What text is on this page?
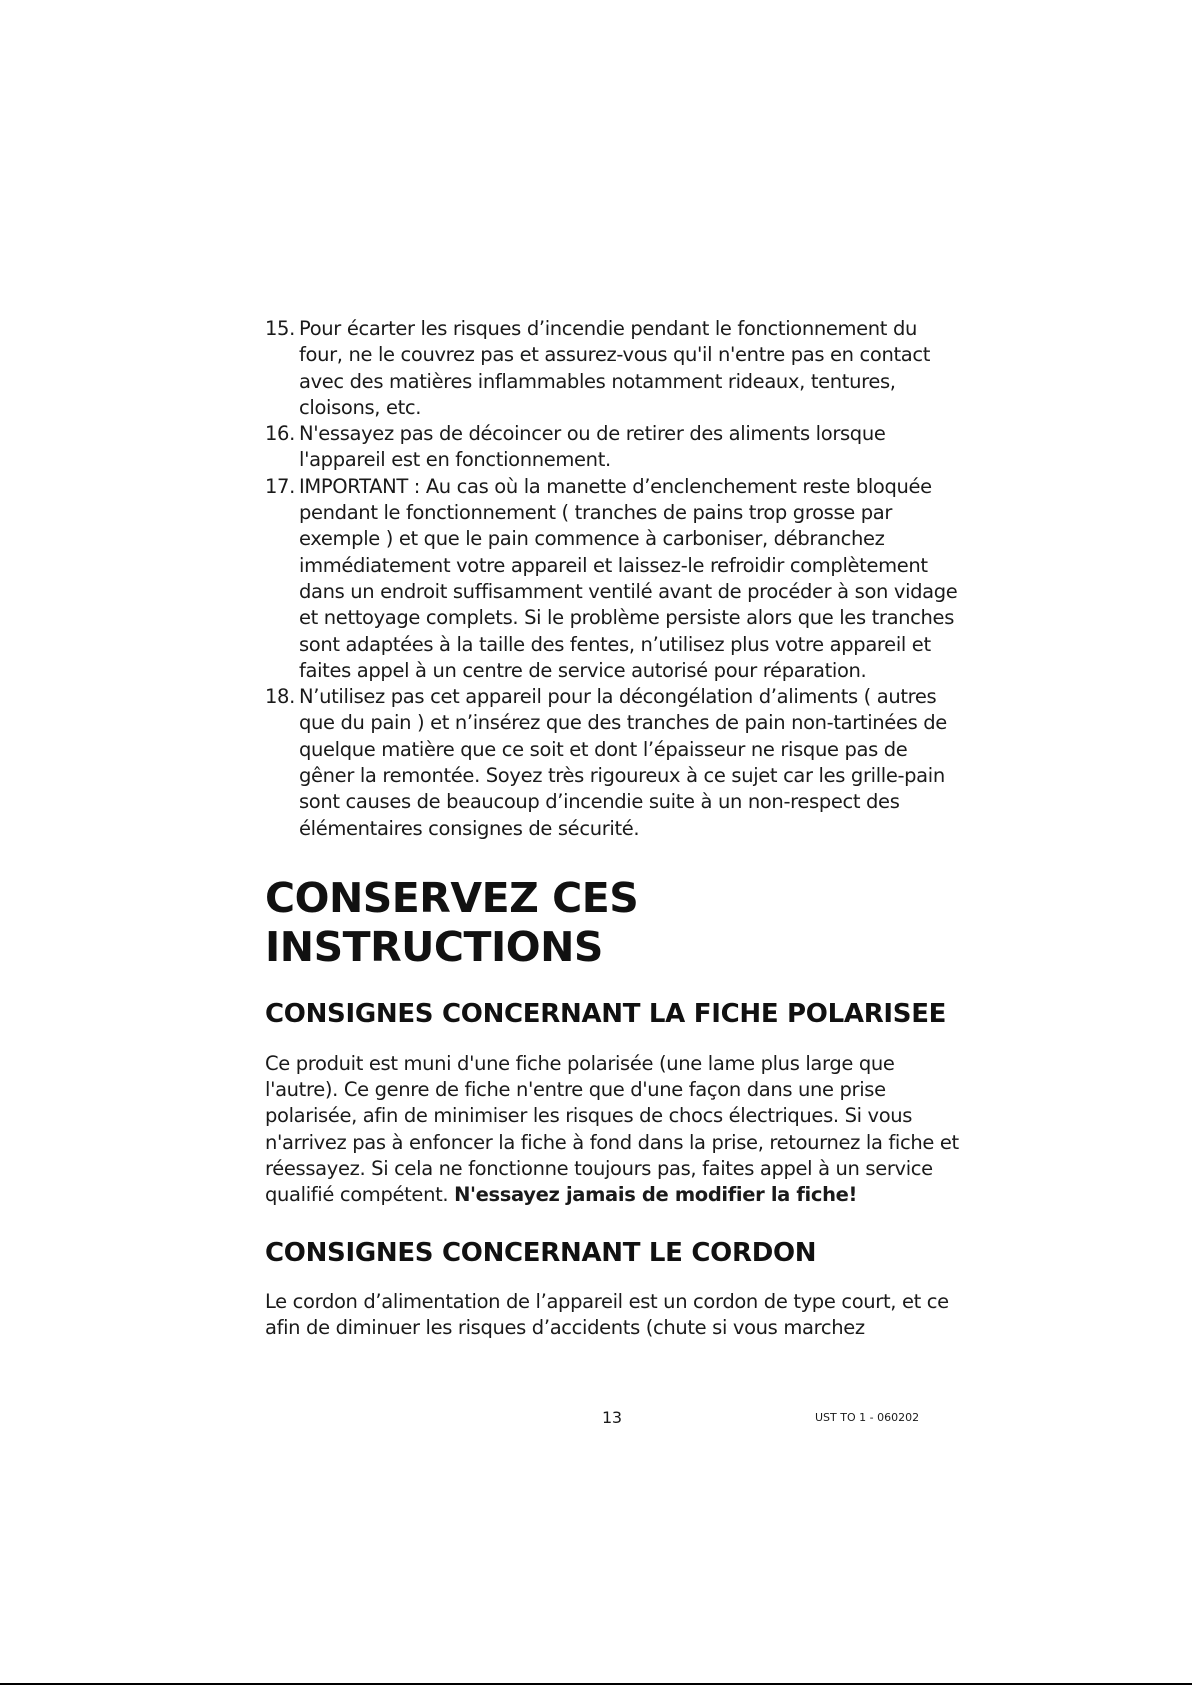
15. Pour écarter les risques d’incendie pendant le fonctionnement du four, ne le couvrez pas et assurez-vous qu'il n'entre pas en contact avec des matières inflammables notamment rideaux, tentures, cloisons, etc.
16. N'essayez pas de décoincer ou de retirer des aliments lorsque l'appareil est en fonctionnement.
17. IMPORTANT : Au cas où la manette d’enclenchement reste bloquée pendant le fonctionnement ( tranches de pains trop grosse par exemple ) et que le pain commence à carboniser, débranchez immédiatement votre appareil et laissez-le refroidir complètement dans un endroit suffisamment ventilé avant de procéder à son vidage et nettoyage complets. Si le problème persiste alors que les tranches sont adaptées à la taille des fentes, n’utilisez plus votre appareil et faites appel à un centre de service autorisé pour réparation.
18. N’utilisez pas cet appareil pour la décongélation d’aliments ( autres que du pain ) et n’insérez que des tranches de pain non-tartinées de quelque matière que ce soit et dont l’épaisseur ne risque pas de gêner la remontée. Soyez très rigoureux à ce sujet car les grille-pain sont causes de beaucoup d’incendie suite à un non-respect des élémentaires consignes de sécurité.
CONSERVEZ CES INSTRUCTIONS
CONSIGNES CONCERNANT LA FICHE POLARISEE

Ce produit est muni d'une fiche polarisée (une lame plus large que l'autre). Ce genre de fiche n'entre que d'une façon dans une prise polarisée, afin de minimiser les risques de chocs électriques. Si vous n'arrivez pas à enfoncer la fiche à fond dans la prise, retournez la fiche et réessayez. Si cela ne fonctionne toujours pas, faites appel à un service qualifié compétent. N'essayez jamais de modifier la fiche!

CONSIGNES CONCERNANT LE CORDON

Le cordon d’alimentation de l’appareil est un cordon de type court, et ce afin de diminuer les risques d’accidents (chute si vous marchez

13	UST TO 1 - 060202
